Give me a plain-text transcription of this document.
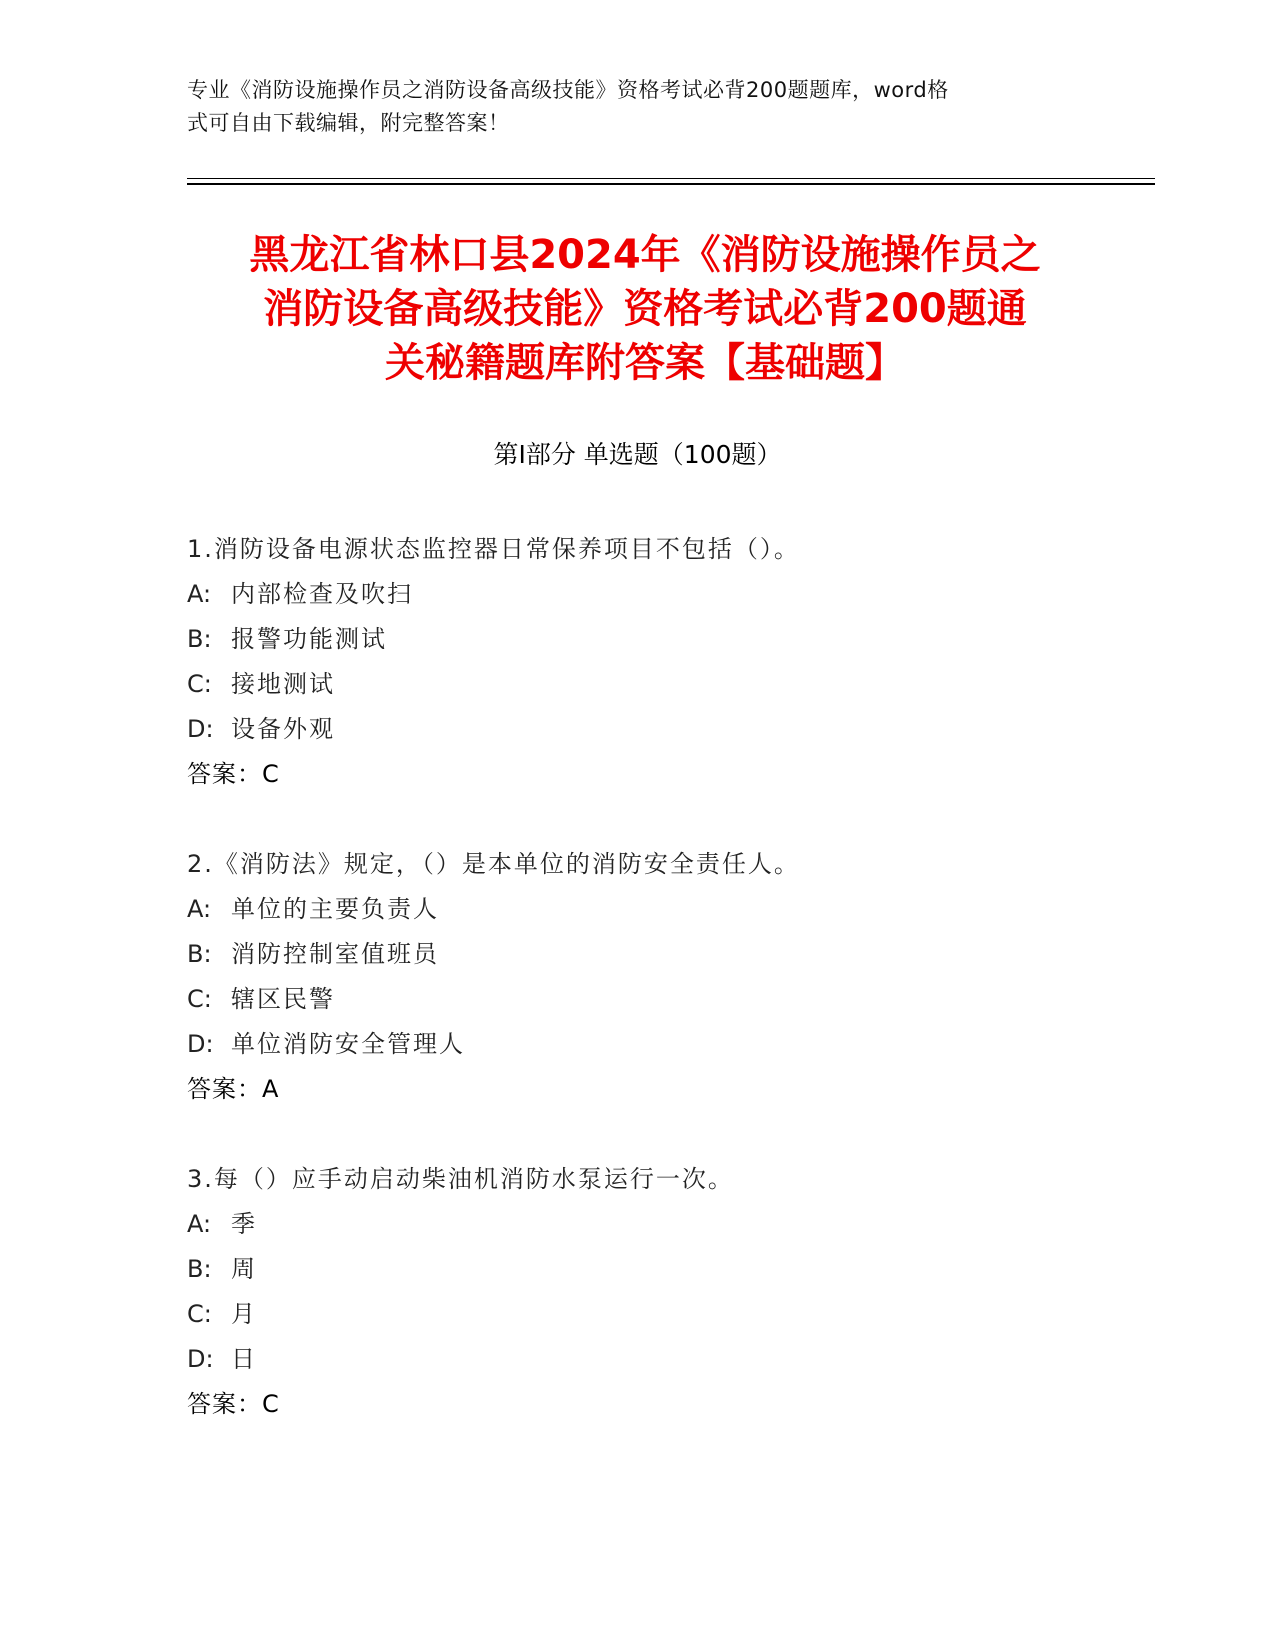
专业《消防设施操作员之消防设备高级技能》资格考试必背200题题库，word格
式可自由下载编辑，附完整答案！
黑龙江省林口县2024年《消防设施操作员之
消防设备高级技能》资格考试必背200题通
关秘籍题库附答案【基础题】
第Ⅰ部分 单选题（100题）
1.消防设备电源状态监控器日常保养项目不包括（）。
A: 内部检查及吹扫
B: 报警功能测试
C: 接地测试
D: 设备外观
答案：C
2.《消防法》规定，（）是本单位的消防安全责任人。
A: 单位的主要负责人
B: 消防控制室值班员
C: 辖区民警
D: 单位消防安全管理人
答案：A
3.每（）应手动启动柴油机消防水泵运行一次。
A: 季
B: 周
C: 月
D: 日
答案：C
